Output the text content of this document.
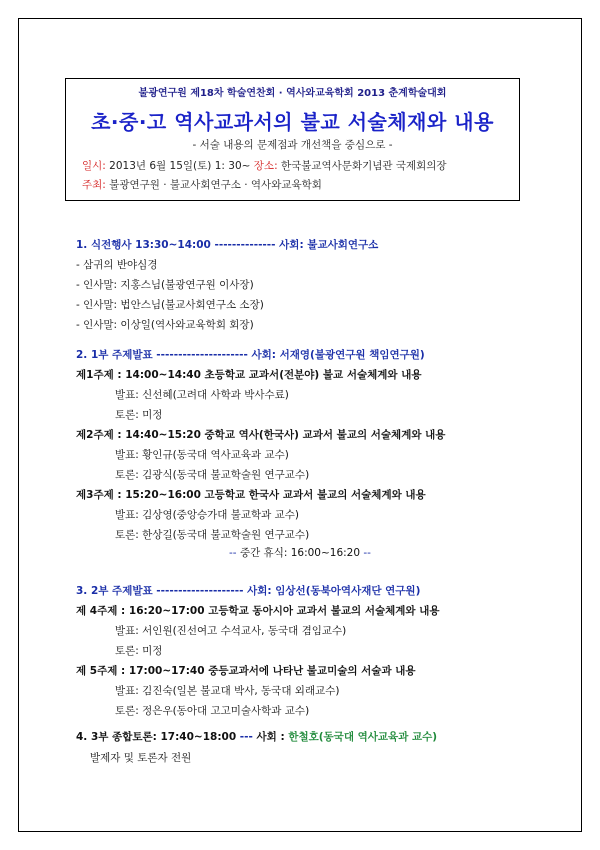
불광연구원 제18차 학술연찬회 · 역사와교육학회 2013 춘계학술대회
초·중·고 역사교과서의 불교 서술체재와 내용
- 서술 내용의 문제점과 개선책을 중심으로 -
일시: 2013년 6월 15일(토) 1: 30~ 장소: 한국불교역사문화기념관 국제회의장
주최: 불광연구원 · 불교사회연구소 · 역사와교육학회
1. 식전행사 13:30~14:00 -------------- 사회: 불교사회연구소
- 삼귀의 반야심경
- 인사말: 지홍스님(불광연구원 이사장)
- 인사말: 법안스님(불교사회연구소 소장)
- 인사말: 이상일(역사와교육학회 회장)
2. 1부 주제발표 --------------------- 사회: 서재영(불광연구원 책임연구원)
제1주제 : 14:00~14:40 초등학교 교과서(전분야) 불교 서술체계와 내용
발표: 신선혜(고려대 사학과 박사수료)
토론: 미정
제2주제 : 14:40~15:20 중학교 역사(한국사) 교과서 불교의 서술체계와 내용
발표: 황인규(동국대 역사교육과 교수)
토론: 김광식(동국대 불교학술원 연구교수)
제3주제 : 15:20~16:00 고등학교 한국사 교과서 불교의 서술체계와 내용
발표: 김상영(중앙승가대 불교학과 교수)
토론: 한상길(동국대 불교학술원 연구교수)
-- 중간 휴식: 16:00~16:20 --
3. 2부 주제발표 -------------------- 사회: 임상선(동북아역사재단 연구원)
제 4주제 : 16:20~17:00 고등학교 동아시아 교과서 불교의 서술체계와 내용
발표: 서인원(진선여고 수석교사, 동국대 겸임교수)
토론: 미정
제 5주제 : 17:00~17:40 중등교과서에 나타난 불교미술의 서술과 내용
발표: 김진숙(일본 불교대 박사, 동국대 외래교수)
토론: 정은우(동아대 고고미술사학과 교수)
4. 3부 종합토론: 17:40~18:00 --- 사회 : 한철호(동국대 역사교육과 교수)
발제자 및 토론자 전원
